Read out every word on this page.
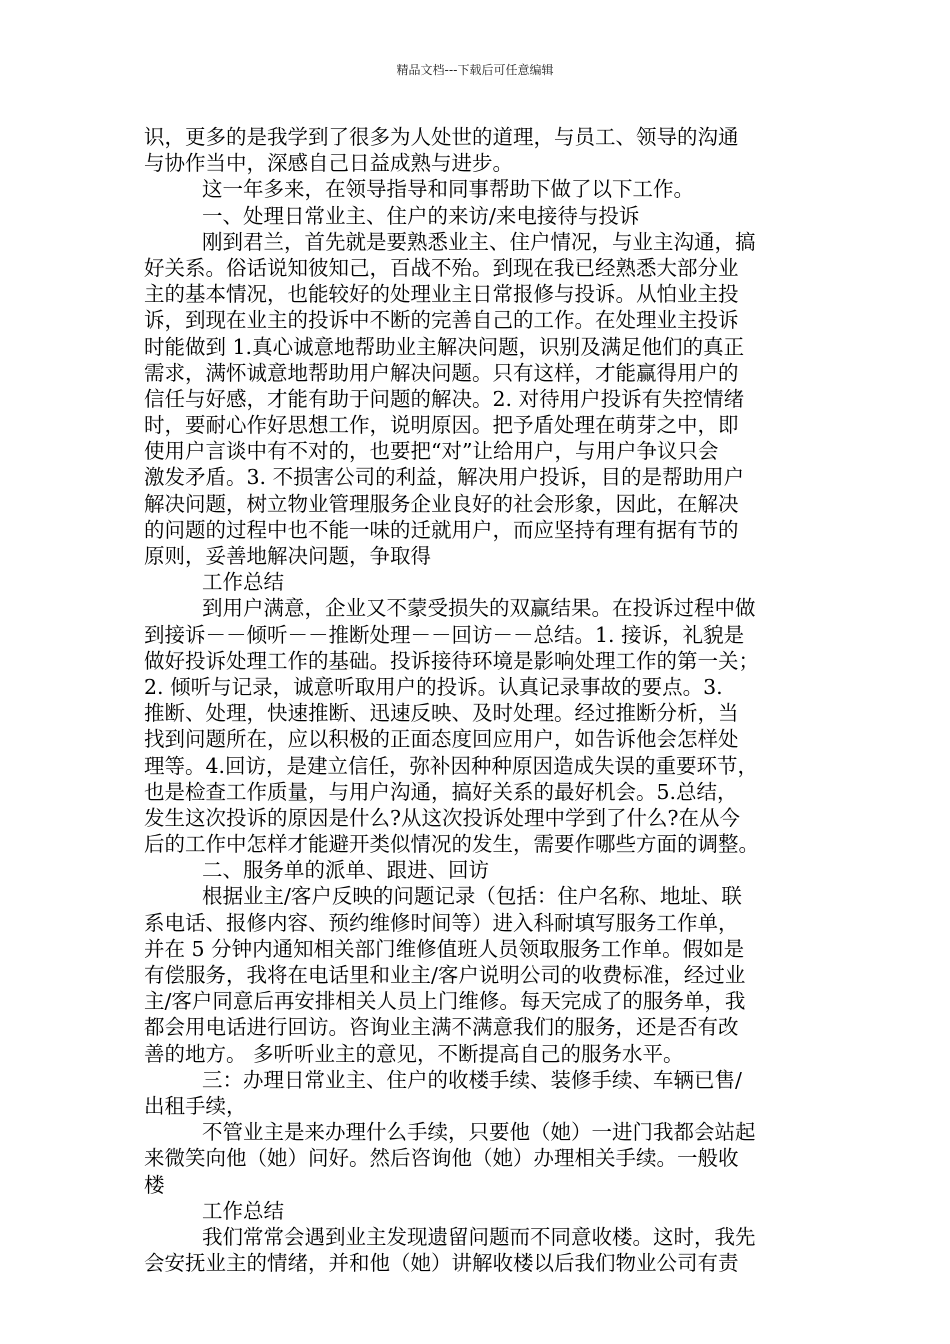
精品文档---下载后可任意编辑
识，更多的是我学到了很多为人处世的道理，与员工、领导的沟通
与协作当中，深感自己日益成熟与进步。
这一年多来，在领导指导和同事帮助下做了以下工作。
一、处理日常业主、住户的来访/来电接待与投诉
刚到君兰，首先就是要熟悉业主、住户情况，与业主沟通，搞
好关系。俗话说知彼知己，百战不殆。到现在我已经熟悉大部分业
主的基本情况，也能较好的处理业主日常报修与投诉。从怕业主投
诉，到现在业主的投诉中不断的完善自己的工作。在处理业主投诉
时能做到 1.真心诚意地帮助业主解决问题，识别及满足他们的真正
需求，满怀诚意地帮助用户解决问题。只有这样，才能赢得用户的
信任与好感，才能有助于问题的解决。2. 对待用户投诉有失控情绪
时，要耐心作好思想工作，说明原因。把予盾处理在萌芽之中，即
使用户言谈中有不对的，也要把“对”让给用户，与用户争议只会
激发矛盾。3. 不损害公司的利益，解决用户投诉，目的是帮助用户
解决问题，树立物业管理服务企业良好的社会形象，因此，在解决
的问题的过程中也不能一味的迁就用户，而应坚持有理有据有节的
原则，妥善地解决问题，争取得
工作总结
到用户满意，企业又不蒙受损失的双赢结果。在投诉过程中做
到接诉－－倾听－－推断处理－－回访－－总结。1. 接诉，礼貌是
做好投诉处理工作的基础。投诉接待环境是影响处理工作的第一关；
2. 倾听与记录，诚意听取用户的投诉。认真记录事故的要点。3.
推断、处理，快速推断、迅速反映、及时处理。经过推断分析，当
找到问题所在，应以积极的正面态度回应用户，如告诉他会怎样处
理等。4.回访，是建立信任，弥补因种种原因造成失误的重要环节，
也是检查工作质量，与用户沟通，搞好关系的最好机会。5.总结，
发生这次投诉的原因是什么?从这次投诉处理中学到了什么?在从今
后的工作中怎样才能避开类似情况的发生，需要作哪些方面的调整。
二、服务单的派单、跟进、回访
根据业主/客户反映的问题记录（包括：住户名称、地址、联
系电话、报修内容、预约维修时间等）进入科耐填写服务工作单，
并在 5 分钟内通知相关部门维修值班人员领取服务工作单。假如是
有偿服务，我将在电话里和业主/客户说明公司的收费标准，经过业
主/客户同意后再安排相关人员上门维修。每天完成了的服务单，我
都会用电话进行回访。咨询业主满不满意我们的服务，还是否有改
善的地方。 多听听业主的意见，不断提高自己的服务水平。
三：办理日常业主、住户的收楼手续、装修手续、车辆已售/
出租手续，
不管业主是来办理什么手续，只要他（她）一进门我都会站起
来微笑向他（她）问好。然后咨询他（她）办理相关手续。一般收
楼
工作总结
我们常常会遇到业主发现遗留问题而不同意收楼。这时，我先
会安抚业主的情绪，并和他（她）讲解收楼以后我们物业公司有责
